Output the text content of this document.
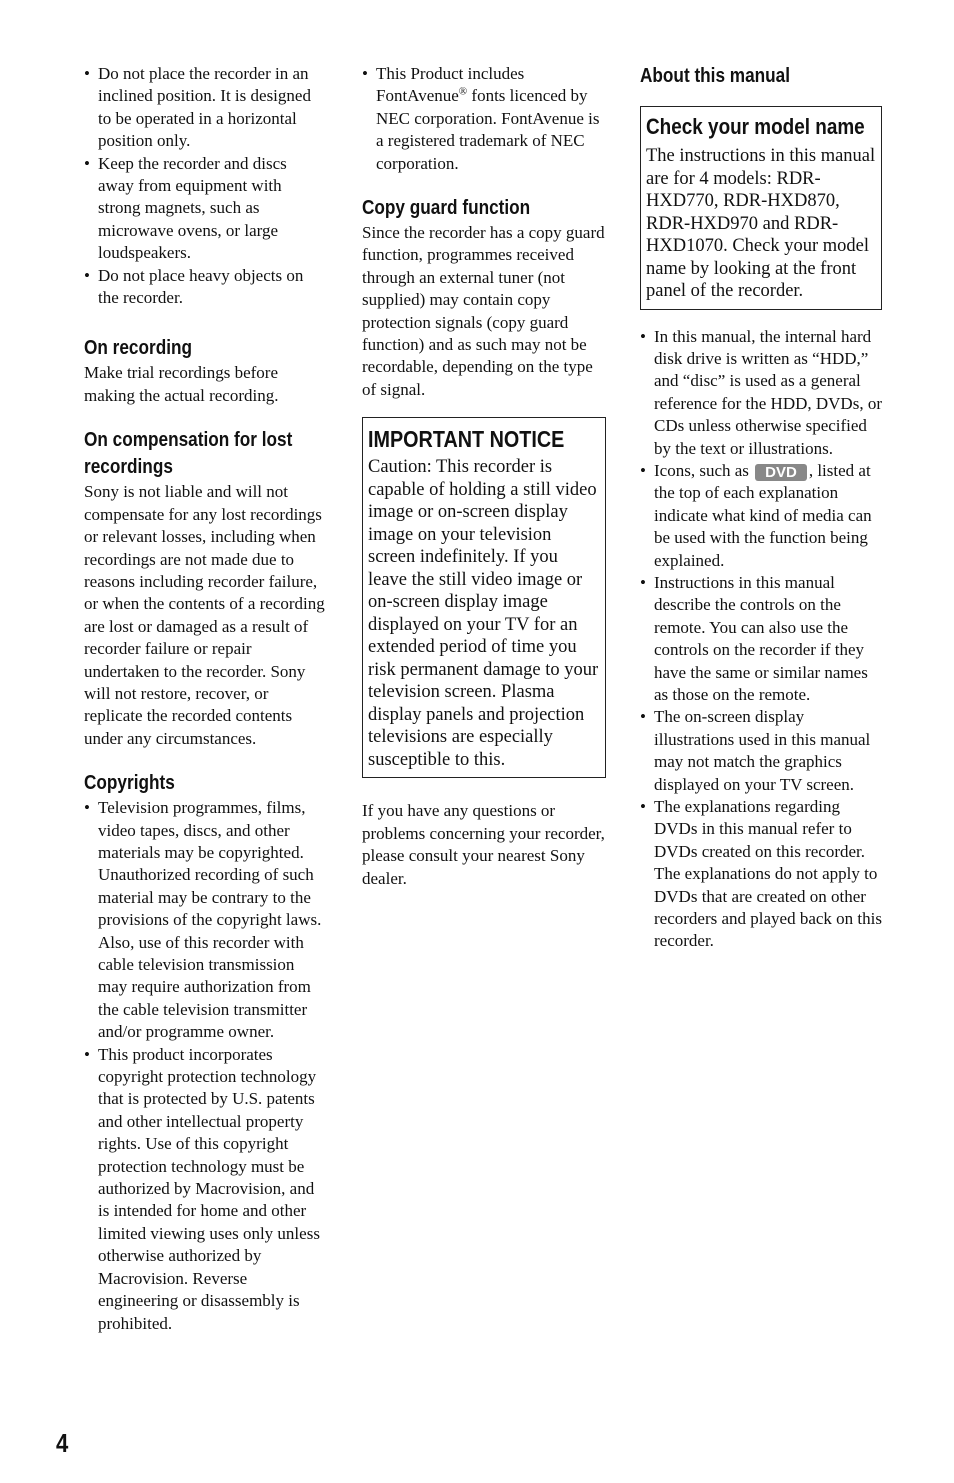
• Do not place the recorder in an inclined position. It is designed to be operated in a horizontal position only.
• Keep the recorder and discs away from equipment with strong magnets, such as microwave ovens, or large loudspeakers.
• Do not place heavy objects on the recorder.
On recording

Make trial recordings before making the actual recording.

On compensation for lost recordings

Sony is not liable and will not compensate for any lost recordings or relevant losses, including when recordings are not made due to reasons including recorder failure, or when the contents of a recording are lost or damaged as a result of recorder failure or repair undertaken to the recorder. Sony will not restore, recover, or replicate the recorded contents under any circumstances.

Copyrights
• Television programmes, films, video tapes, discs, and other materials may be copyrighted. Unauthorized recording of such material may be contrary to the provisions of the copyright laws. Also, use of this recorder with cable television transmission may require authorization from the cable television transmitter and/or programme owner.
• This product incorporates copyright protection technology that is protected by U.S. patents and other intellectual property rights. Use of this copyright protection technology must be authorized by Macrovision, and is intended for home and other limited viewing uses only unless otherwise authorized by Macrovision. Reverse engineering or disassembly is prohibited.
• This Product includes FontAvenue® fonts licenced by NEC corporation. FontAvenue is a registered trademark of NEC corporation.
Copy guard function

Since the recorder has a copy guard function, programmes received through an external tuner (not supplied) may contain copy protection signals (copy guard function) and as such may not be recordable, depending on the type of signal.

IMPORTANT NOTICE

Caution: This recorder is capable of holding a still video image or on-screen display image on your television screen indefinitely. If you leave the still video image or on-screen display image displayed on your TV for an extended period of time you risk permanent damage to your television screen. Plasma display panels and projection televisions are especially susceptible to this.

If you have any questions or problems concerning your recorder, please consult your nearest Sony dealer.

About this manual
Check your model name

The instructions in this manual are for 4 models: RDR-HXD770, RDR-HXD870, RDR-HXD970 and RDR-HXD1070. Check your model name by looking at the front panel of the recorder.

• In this manual, the internal hard disk drive is written as “HDD,” and “disc” is used as a general reference for the HDD, DVDs, or CDs unless otherwise specified by the text or illustrations.
• Icons, such as DVD , listed at the top of each explanation indicate what kind of media can be used with the function being explained.
• Instructions in this manual describe the controls on the remote. You can also use the controls on the recorder if they have the same or similar names as those on the remote.
• The on-screen display illustrations used in this manual may not match the graphics displayed on your TV screen.
• The explanations regarding DVDs in this manual refer to DVDs created on this recorder. The explanations do not apply to DVDs that are created on other recorders and played back on this recorder.
4
